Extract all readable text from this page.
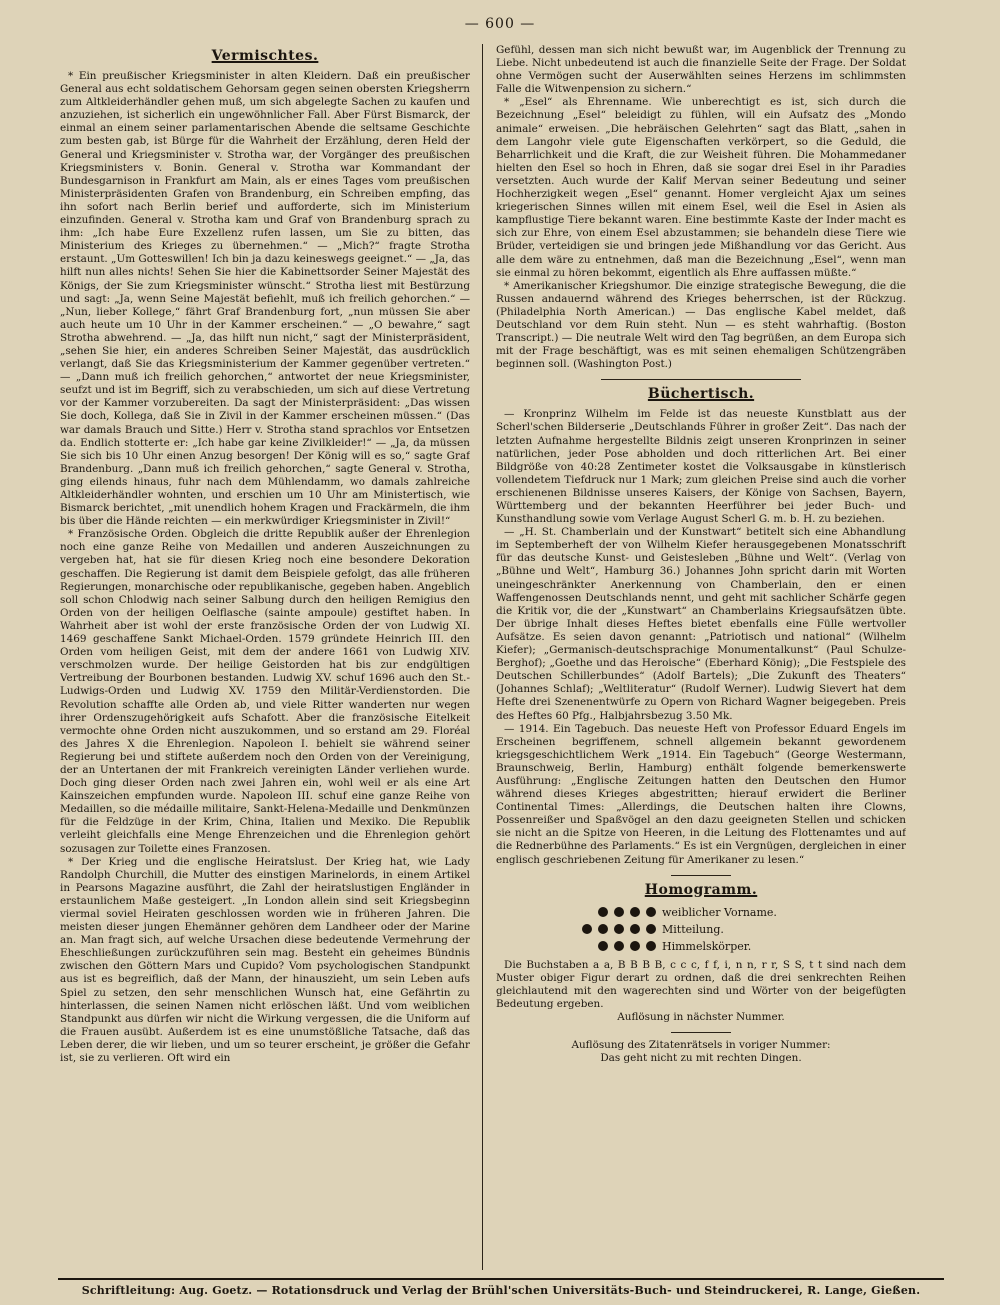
— 600 —
Vermischtes.

* Ein preußischer Kriegsminister in alten Kleidern. Daß ein preußischer General aus echt soldatischem Gehorsam gegen seinen obersten Kriegsherrn zum Altkleiderhändler gehen muß, um sich abgelegte Sachen zu kaufen und anzuziehen, ist sicherlich ein ungewöhnlicher Fall. Aber Fürst Bismarck, der einmal an einem seiner parlamentarischen Abende die seltsame Geschichte zum besten gab, ist Bürge für die Wahrheit der Erzählung, deren Held der General und Kriegsminister v. Strotha war, der Vorgänger des preußischen Kriegsministers v. Bonin. General v. Strotha war Kommandant der Bundesgarnison in Frankfurt am Main, als er eines Tages vom preußischen Ministerpräsidenten Grafen von Brandenburg, ein Schreiben empfing, das ihn sofort nach Berlin berief und aufforderte, sich im Ministerium einzufinden. General v. Strotha kam und Graf von Brandenburg sprach zu ihm: „Ich habe Eure Exzellenz rufen lassen, um Sie zu bitten, das Ministerium des Krieges zu übernehmen.“ — „Mich?“ fragte Strotha erstaunt. „Um Gotteswillen! Ich bin ja dazu keineswegs geeignet.“ — „Ja, das hilft nun alles nichts! Sehen Sie hier die Kabinettsorder Seiner Majestät des Königs, der Sie zum Kriegsminister wünscht.“ Strotha liest mit Bestürzung und sagt: „Ja, wenn Seine Majestät befiehlt, muß ich freilich gehorchen.“ — „Nun, lieber Kollege,“ fährt Graf Brandenburg fort, „nun müssen Sie aber auch heute um 10 Uhr in der Kammer erscheinen.“ — „O bewahre,“ sagt Strotha abwehrend. — „Ja, das hilft nun nicht,“ sagt der Ministerpräsident, „sehen Sie hier, ein anderes Schreiben Seiner Majestät, das ausdrücklich verlangt, daß Sie das Kriegsministerium der Kammer gegenüber vertreten.“ — „Dann muß ich freilich gehorchen,“ antwortet der neue Kriegsminister, seufzt und ist im Begriff, sich zu verabschieden, um sich auf diese Vertretung vor der Kammer vorzubereiten. Da sagt der Ministerpräsident: „Das wissen Sie doch, Kollega, daß Sie in Zivil in der Kammer erscheinen müssen.“ (Das war damals Brauch und Sitte.) Herr v. Strotha stand sprachlos vor Entsetzen da. Endlich stotterte er: „Ich habe gar keine Zivilkleider!“ — „Ja, da müssen Sie sich bis 10 Uhr einen Anzug besorgen! Der König will es so,“ sagte Graf Brandenburg. „Dann muß ich freilich gehorchen,“ sagte General v. Strotha, ging eilends hinaus, fuhr nach dem Mühlendamm, wo damals zahlreiche Altkleiderhändler wohnten, und erschien um 10 Uhr am Ministertisch, wie Bismarck berichtet, „mit unendlich hohem Kragen und Frackärmeln, die ihm bis über die Hände reichten — ein merkwürdiger Kriegsminister in Zivil!“

* Französische Orden. Obgleich die dritte Republik außer der Ehrenlegion noch eine ganze Reihe von Medaillen und anderen Auszeichnungen zu vergeben hat, hat sie für diesen Krieg noch eine besondere Dekoration geschaffen. Die Regierung ist damit dem Beispiele gefolgt, das alle früheren Regierungen, monarchische oder republikanische, gegeben haben. Angeblich soll schon Chlodwig nach seiner Salbung durch den heiligen Remigius den Orden von der heiligen Oelflasche (sainte ampoule) gestiftet haben. In Wahrheit aber ist wohl der erste französische Orden der von Ludwig XI. 1469 geschaffene Sankt Michael-Orden. 1579 gründete Heinrich III. den Orden vom heiligen Geist, mit dem der andere 1661 von Ludwig XIV. verschmolzen wurde. Der heilige Geistorden hat bis zur endgültigen Vertreibung der Bourbonen bestanden. Ludwig XV. schuf 1696 auch den St.-Ludwigs-Orden und Ludwig XV. 1759 den Militär-Verdienstorden. Die Revolution schaffte alle Orden ab, und viele Ritter wanderten nur wegen ihrer Ordenszugehörigkeit aufs Schafott. Aber die französische Eitelkeit vermochte ohne Orden nicht auszukommen, und so erstand am 29. Floréal des Jahres X die Ehrenlegion. Napoleon I. behielt sie während seiner Regierung bei und stiftete außerdem noch den Orden von der Vereinigung, der an Untertanen der mit Frankreich vereinigten Länder verliehen wurde. Doch ging dieser Orden nach zwei Jahren ein, wohl weil er als eine Art Kainszeichen empfunden wurde. Napoleon III. schuf eine ganze Reihe von Medaillen, so die médaille militaire, Sankt-Helena-Medaille und Denkmünzen für die Feldzüge in der Krim, China, Italien und Mexiko. Die Republik verleiht gleichfalls eine Menge Ehrenzeichen und die Ehrenlegion gehört sozusagen zur Toilette eines Franzosen.

* Der Krieg und die englische Heiratslust. Der Krieg hat, wie Lady Randolph Churchill, die Mutter des einstigen Marinelords, in einem Artikel in Pearsons Magazine ausführt, die Zahl der heiratslustigen Engländer in erstaunlichem Maße gesteigert. „In London allein sind seit Kriegsbeginn viermal soviel Heiraten geschlossen worden wie in früheren Jahren. Die meisten dieser jungen Ehemänner gehören dem Landheer oder der Marine an. Man fragt sich, auf welche Ursachen diese bedeutende Vermehrung der Eheschließungen zurückzuführen sein mag. Besteht ein geheimes Bündnis zwischen den Göttern Mars und Cupido? Vom psychologischen Standpunkt aus ist es begreiflich, daß der Mann, der hinauszieht, um sein Leben aufs Spiel zu setzen, den sehr menschlichen Wunsch hat, eine Gefährtin zu hinterlassen, die seinen Namen nicht erlöschen läßt. Und vom weiblichen Standpunkt aus dürfen wir nicht die Wirkung vergessen, die die Uniform auf die Frauen ausübt. Außerdem ist es eine unumstößliche Tatsache, daß das Leben derer, die wir lieben, und um so teurer erscheint, je größer die Gefahr ist, sie zu verlieren. Oft wird ein

Gefühl, dessen man sich nicht bewußt war, im Augenblick der Trennung zu Liebe. Nicht unbedeutend ist auch die finanzielle Seite der Frage. Der Soldat ohne Vermögen sucht der Auserwählten seines Herzens im schlimmsten Falle die Witwenpension zu sichern.“

* „Esel“ als Ehrenname. Wie unberechtigt es ist, sich durch die Bezeichnung „Esel“ beleidigt zu fühlen, will ein Aufsatz des „Mondo animale“ erweisen. „Die hebräischen Gelehrten“ sagt das Blatt, „sahen in dem Langohr viele gute Eigenschaften verkörpert, so die Geduld, die Beharrlichkeit und die Kraft, die zur Weisheit führen. Die Mohammedaner hielten den Esel so hoch in Ehren, daß sie sogar drei Esel in ihr Paradies versetzten. Auch wurde der Kalif Mervan seiner Bedeutung und seiner Hochherzigkeit wegen „Esel“ genannt. Homer vergleicht Ajax um seines kriegerischen Sinnes willen mit einem Esel, weil die Esel in Asien als kampflustige Tiere bekannt waren. Eine bestimmte Kaste der Inder macht es sich zur Ehre, von einem Esel abzustammen; sie behandeln diese Tiere wie Brüder, verteidigen sie und bringen jede Mißhandlung vor das Gericht. Aus alle dem wäre zu entnehmen, daß man die Bezeichnung „Esel“, wenn man sie einmal zu hören bekommt, eigentlich als Ehre auffassen müßte.“

* Amerikanischer Kriegshumor. Die einzige strategische Bewegung, die die Russen andauernd während des Krieges beherrschen, ist der Rückzug. (Philadelphia North American.) — Das englische Kabel meldet, daß Deutschland vor dem Ruin steht. Nun — es steht wahrhaftig. (Boston Transcript.) — Die neutrale Welt wird den Tag begrüßen, an dem Europa sich mit der Frage beschäftigt, was es mit seinen ehemaligen Schützengräben beginnen soll. (Washington Post.)

Büchertisch.

— Kronprinz Wilhelm im Felde ist das neueste Kunstblatt aus der Scherl'schen Bilderserie „Deutschlands Führer in großer Zeit“. Das nach der letzten Aufnahme hergestellte Bildnis zeigt unseren Kronprinzen in seiner natürlichen, jeder Pose abholden und doch ritterlichen Art. Bei einer Bildgröße von 40:28 Zentimeter kostet die Volksausgabe in künstlerisch vollendetem Tiefdruck nur 1 Mark; zum gleichen Preise sind auch die vorher erschienenen Bildnisse unseres Kaisers, der Könige von Sachsen, Bayern, Württemberg und der bekannten Heerführer bei jeder Buch- und Kunsthandlung sowie vom Verlage August Scherl G. m. b. H. zu beziehen.

— „H. St. Chamberlain und der Kunstwart“ betitelt sich eine Abhandlung im Septemberheft der von Wilhelm Kiefer herausgegebenen Monatsschrift für das deutsche Kunst- und Geistesleben „Bühne und Welt“. (Verlag von „Bühne und Welt“, Hamburg 36.) Johannes John spricht darin mit Worten uneingeschränkter Anerkennung von Chamberlain, den er einen Waffengenossen Deutschlands nennt, und geht mit sachlicher Schärfe gegen die Kritik vor, die der „Kunstwart“ an Chamberlains Kriegsaufsätzen übte. Der übrige Inhalt dieses Heftes bietet ebenfalls eine Fülle wertvoller Aufsätze. Es seien davon genannt: „Patriotisch und national“ (Wilhelm Kiefer); „Germanisch-deutschsprachige Monumentalkunst“ (Paul Schulze-Berghof); „Goethe und das Heroische“ (Eberhard König); „Die Festspiele des Deutschen Schillerbundes“ (Adolf Bartels); „Die Zukunft des Theaters“ (Johannes Schlaf); „Weltliteratur“ (Rudolf Werner). Ludwig Sievert hat dem Hefte drei Szenenentwürfe zu Opern von Richard Wagner beigegeben. Preis des Heftes 60 Pfg., Halbjahrsbezug 3.50 Mk.

— 1914. Ein Tagebuch. Das neueste Heft von Professor Eduard Engels im Erscheinen begriffenem, schnell allgemein bekannt gewordenem kriegsgeschichtlichem Werk „1914. Ein Tagebuch“ (George Westermann, Braunschweig, Berlin, Hamburg) enthält folgende bemerkenswerte Ausführung: „Englische Zeitungen hatten den Deutschen den Humor während dieses Krieges abgestritten; hierauf erwidert die Berliner Continental Times: „Allerdings, die Deutschen halten ihre Clowns, Possenreißer und Spaßvögel an den dazu geeigneten Stellen und schicken sie nicht an die Spitze von Heeren, in die Leitung des Flottenamtes und auf die Rednerbühne des Parlaments.“ Es ist ein Vergnügen, dergleichen in einer englisch geschriebenen Zeitung für Amerikaner zu lesen.“

Homogramm.
weiblicher Vorname.
Mitteilung.
Himmelskörper.

Die Buchstaben a a, B B B B, c c c, f f, i, n n, r r, S S, t t sind nach dem Muster obiger Figur derart zu ordnen, daß die drei senkrechten Reihen gleichlautend mit den wagerechten sind und Wörter von der beigefügten Bedeutung ergeben.

Auflösung in nächster Nummer.

Auflösung des Zitatenrätsels in voriger Nummer:

Das geht nicht zu mit rechten Dingen.

Schriftleitung: Aug. Goetz. — Rotationsdruck und Verlag der Brühl'schen Universitäts-Buch- und Steindruckerei, R. Lange, Gießen.
